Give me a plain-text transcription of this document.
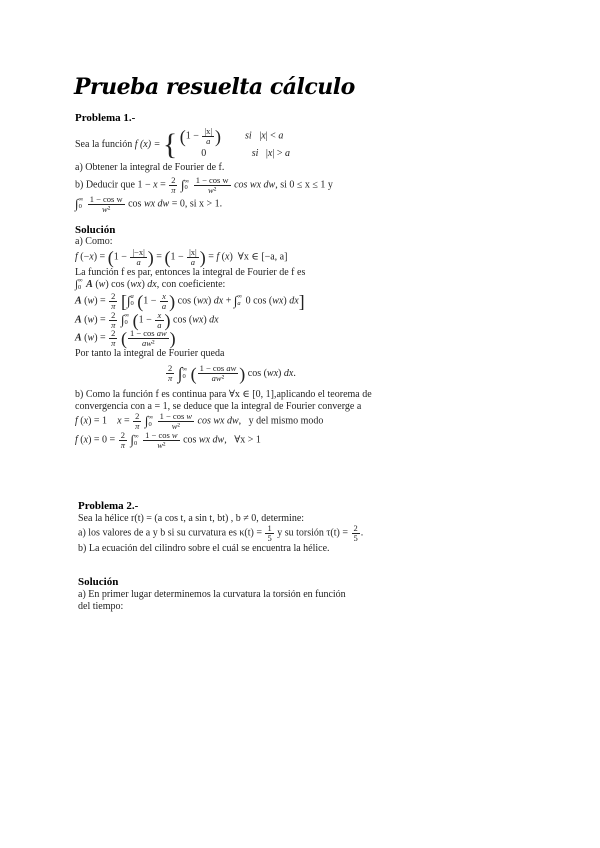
Prueba resuelta cálculo
Problema 1.-
Sea la función f (x) = { ($1 - \frac{|x|}{a}$ ) si   |x| < a
0	si   |x| > a
a) Obtener la integral de Fourier de f.
b) Deducir que $1 - x = \frac{2}{\pi}$ ∫ ∞
0
$\frac{\text{1 − cos w}}{\text{w²}}$ cos wx dw, si 0 ≤ x ≤ 1 y
∫ ∞
0
$\frac{\text{1 − cos w}}{\text{w²}}$ cos wx dw = 0, si x > 1.
Solución
a) Como:
f $(-x) = (1 - \frac{|-x|}{a}$ ) = ($1 - \frac{|x|}{a}$ ) = f (x)  ∀x ∈ [−a, a]
La función f es par, entonces la integral de Fourier de f es
∫ ∞
0 A (w) cos (wx) dx, con coeficiente:
A $(w) = \frac{2}{\pi}$ [∫ a
0 ($1 - \frac{x}{a}$ ) cos (wx) dx + ∫ ∞
a 0 cos (wx) dx]
A $(w) = \frac{2}{\pi}$ ∫ ∞
0 ($1 - \frac{x}{a}$ ) cos (wx) dx
A $(w) = \frac{2}{\pi}$ ( $\frac{\text{1 − cos aw}}{\text{aw²}}$ )
Por tanto la integral de Fourier queda
$\frac{2}{\pi}$ ∫ ∞
0 ( $\frac{\text{1 − cos aw}}{\text{aw²}}$ ) cos (wx) dx.
b) Como la función f es continua para ∀x ∈ [0, 1],aplicando el teorema de
convergencia con a = 1, se deduce que la integral de Fourier converge a
f (x) = 1    $x = \frac{2}{\pi}$ ∫ ∞
0
$\frac{\text{1 − cos w}}{\text{w²}}$ cos wx dw,   y del mismo modo
f $(x) = 0 = \frac{2}{\pi}$ ∫ ∞
0
$\frac{\text{1 − cos w}}{\text{w²}}$ cos wx dw,   ∀x > 1
Problema 2.-
Sea la hélice r(t) = (a cos t, a sin t, bt) , b ≠ 0, determine:
a) los valores de a y b si su curvatura es $\kappa(t) = \frac{1}{5}$ y su torsión $\tau(t) = \frac{2}{5}$ .
b) La ecuación del cilindro sobre el cuál se encuentra la hélice.
Solución
a) En primer lugar determinemos la curvatura la torsión en función
del tiempo:
